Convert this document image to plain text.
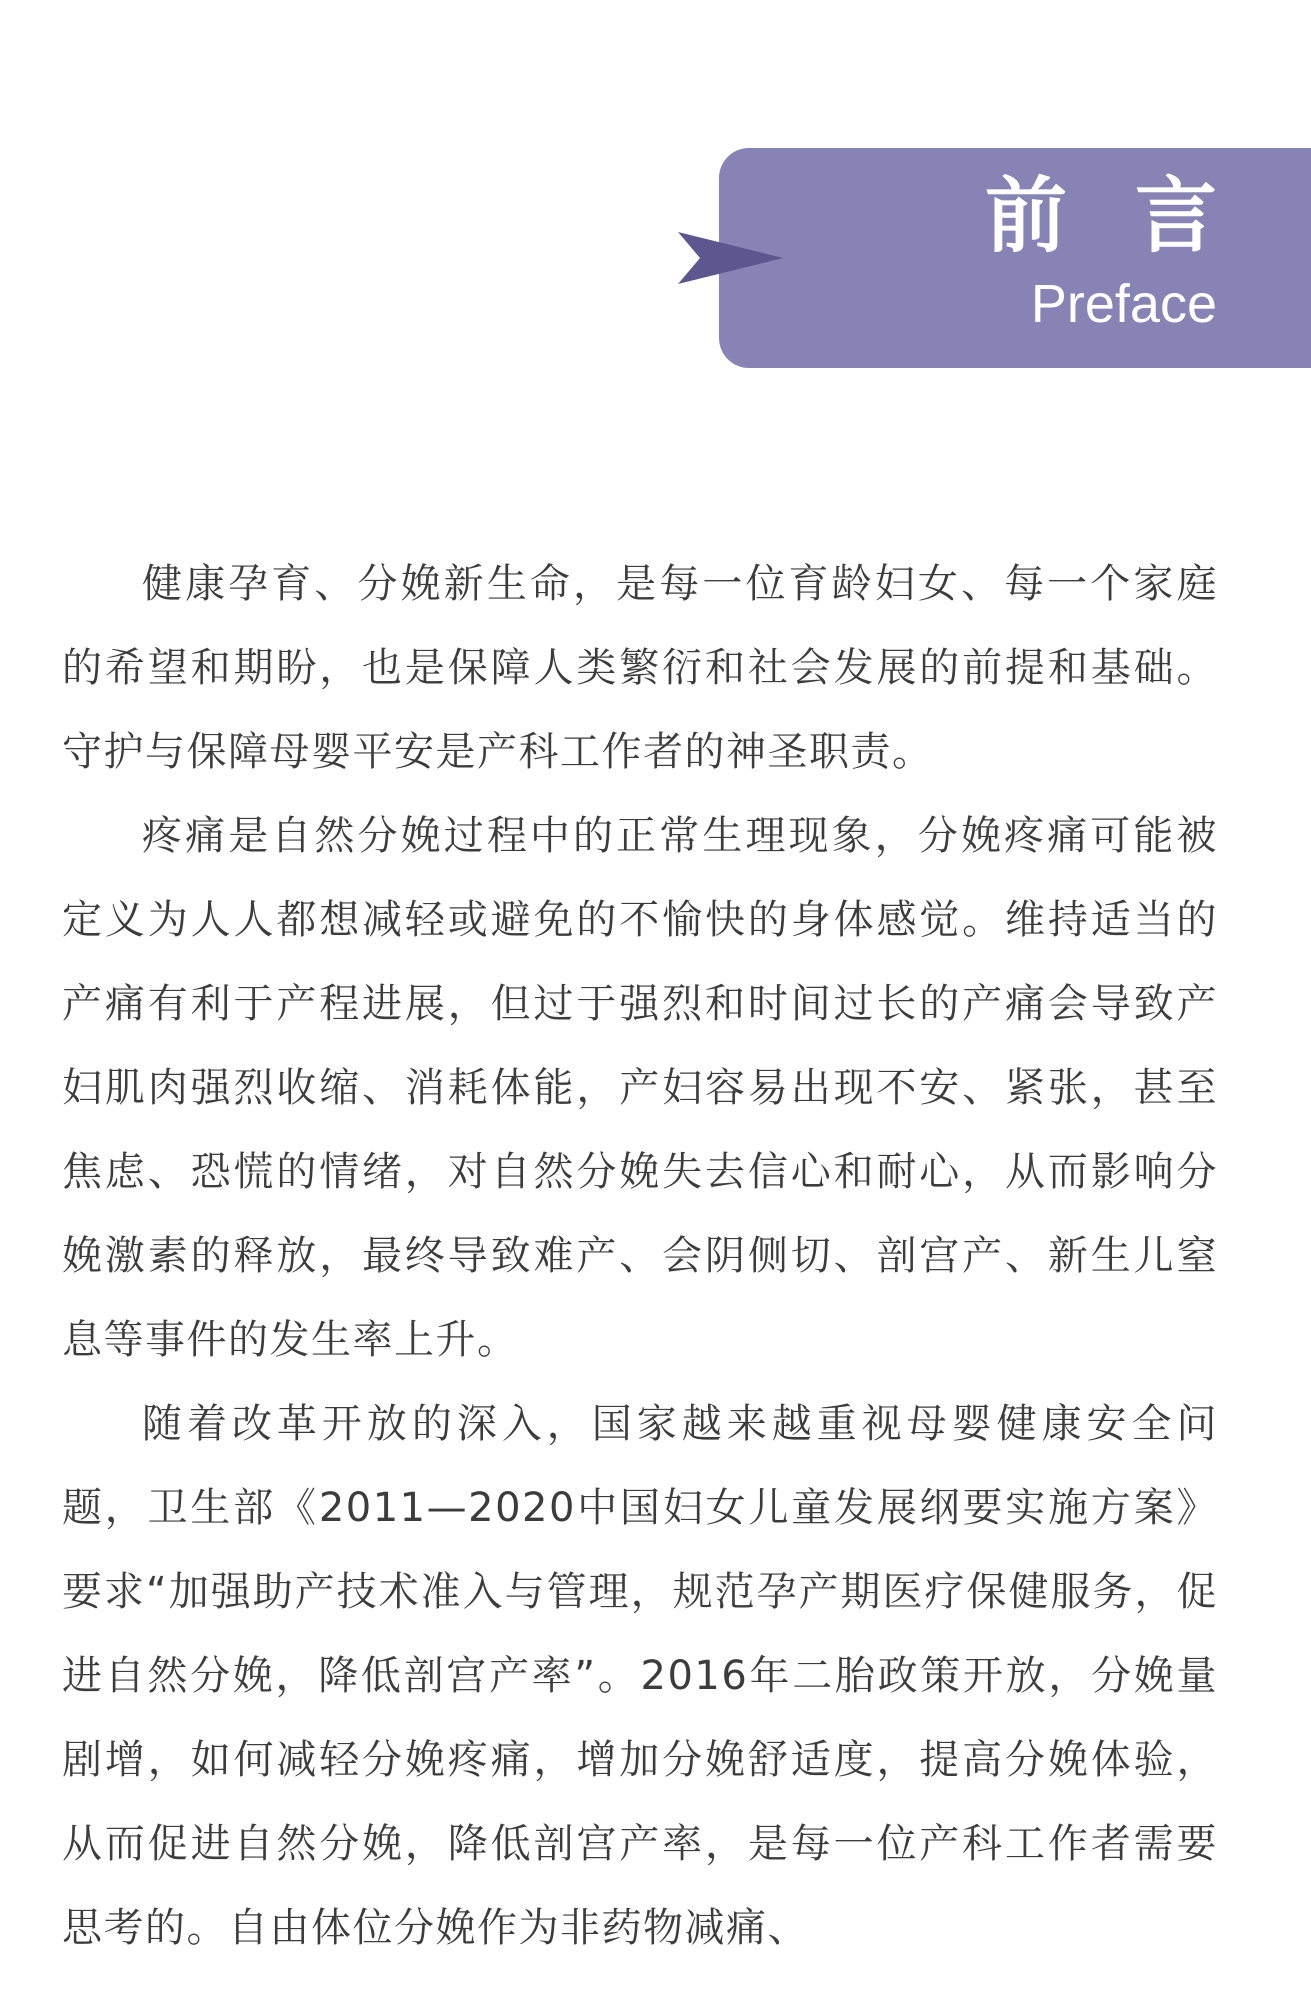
前言
Preface

健康孕育、分娩新生命，是每一位育龄妇女、每一个家庭的希望和期盼，也是保障人类繁衍和社会发展的前提和基础。守护与保障母婴平安是产科工作者的神圣职责。

疼痛是自然分娩过程中的正常生理现象，分娩疼痛可能被定义为人人都想减轻或避免的不愉快的身体感觉。维持适当的产痛有利于产程进展，但过于强烈和时间过长的产痛会导致产妇肌肉强烈收缩、消耗体能，产妇容易出现不安、紧张，甚至焦虑、恐慌的情绪，对自然分娩失去信心和耐心，从而影响分娩激素的释放，最终导致难产、会阴侧切、剖宫产、新生儿窒息等事件的发生率上升。

随着改革开放的深入，国家越来越重视母婴健康安全问题，卫生部《2011—2020中国妇女儿童发展纲要实施方案》要求“加强助产技术准入与管理，规范孕产期医疗保健服务，促进自然分娩，降低剖宫产率”。2016年二胎政策开放，分娩量剧增，如何减轻分娩疼痛，增加分娩舒适度，提高分娩体验，从而促进自然分娩，降低剖宫产率，是每一位产科工作者需要思考的。自由体位分娩作为非药物减痛、
